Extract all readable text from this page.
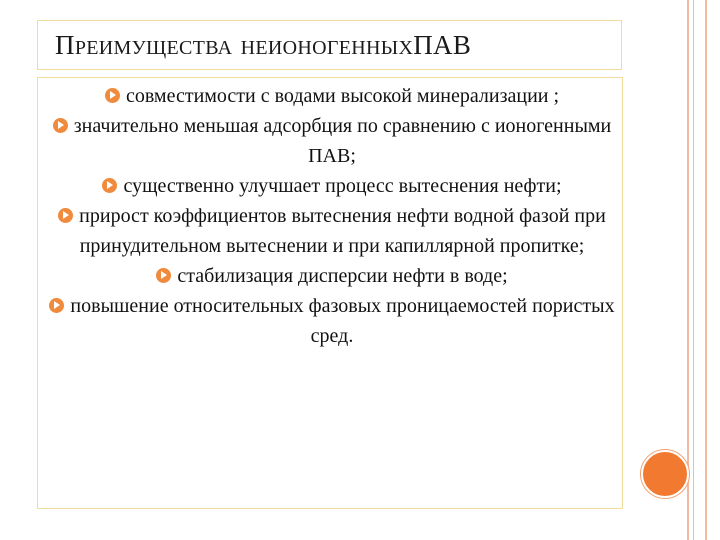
ПРЕИМУЩЕСТВА НЕИОНОГЕННЫХПАВ
совместимости с водами высокой минерализации ;
значительно меньшая адсорбция по сравнению с ионогенными ПАВ;
существенно улучшает процесс вытеснения нефти;
прирост коэффициентов вытеснения нефти водной фазой при принудительном вытеснении и при капиллярной пропитке;
стабилизация дисперсии нефти в воде;
повышение относительных фазовых проницаемостей пористых сред.
